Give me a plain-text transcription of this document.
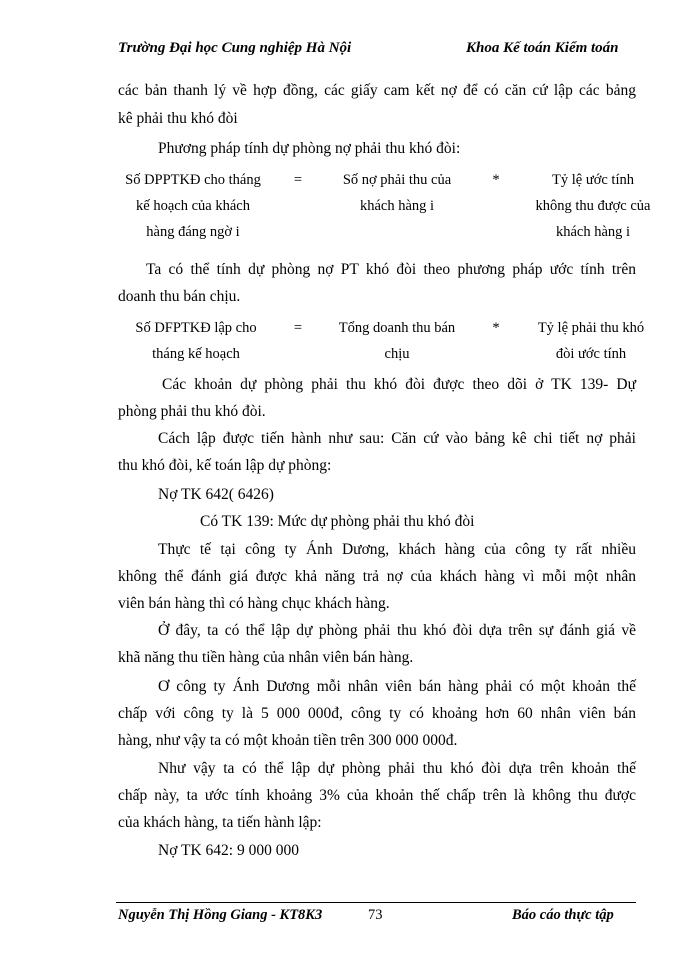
Trường Đại học Cung nghiệp Hà Nội	Khoa Kế toán Kiểm toán
các bản thanh lý về hợp đồng, các giấy cam kết nợ để có căn cứ lập các bảng
kê phải thu khó đòi
Phương pháp tính dự phòng nợ phải thu khó đòi:
Số DPPTKĐ cho tháng
kế hoạch của khách
hàng đáng ngờ i
=	Số nợ phải thu của
khách hàng i
*	Tỷ lệ ước tính
không thu được của
khách hàng i
Ta có thể tính dự phòng nợ PT khó đòi theo phương pháp ước tính trên
doanh thu bán chịu.
Số DFPTKĐ lập cho
tháng kế hoạch
=	Tổng doanh thu bán
chịu
*	Tỷ lệ phải thu khó
đòi ước tính
Các khoản dự phòng phải thu khó đòi được theo dõi ở TK 139- Dự
phòng phải thu khó đòi.
Cách lập được tiến hành như sau: Căn cứ vào bảng kê chi tiết nợ phải
thu khó đòi, kế toán lập dự phòng:
Nợ TK 642( 6426)
Có TK 139: Mức dự phòng phải thu khó đòi
Thực tế tại công ty Ánh Dương, khách hàng của công ty rất nhiều
không thể đánh giá được khả năng trả nợ của khách hàng vì mỗi một nhân
viên bán hàng thì có hàng chục khách hàng.
Ở đây, ta có thể lập dự phòng phải thu khó đòi dựa trên sự đánh giá về
khã năng thu tiền hàng của nhân viên bán hàng.
Ơ công ty Ánh Dương mỗi nhân viên bán hàng phải có một khoản thế
chấp với công ty là 5 000 000đ, công ty có khoảng hơn 60 nhân viên bán
hàng, như vậy ta có một khoản tiền trên 300 000 000đ.
Như vậy ta có thể lập dự phòng phải thu khó đòi dựa trên khoản thế
chấp này, ta ước tính khoảng 3% của khoản thế chấp trên là không thu được
của khách hàng, ta tiến hành lập:
Nợ TK 642: 9 000 000
Nguyễn Thị Hồng Giang - KT8K3	73	Báo cáo thực tập
